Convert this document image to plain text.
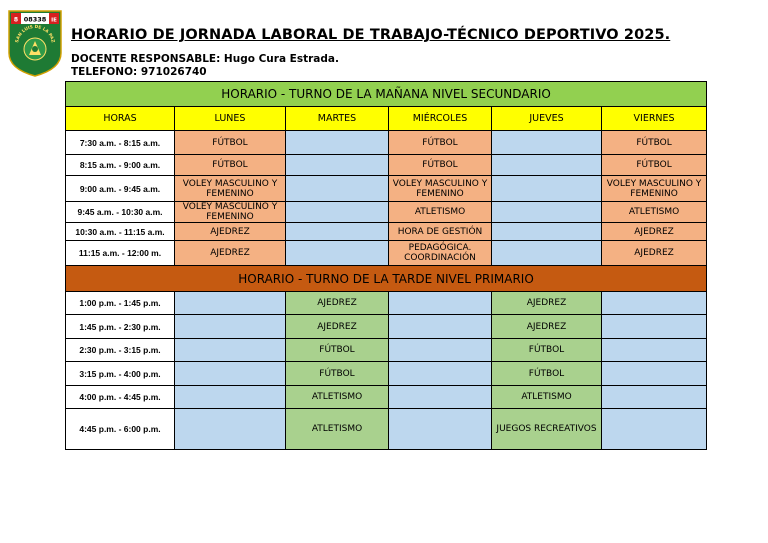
8 08338 IE
SAN LUIS DE LA PAZ HORARIO DE JORNADA LABORAL DE TRABAJO-TÉCNICO DEPORTIVO 2025.
DOCENTE RESPONSABLE: Hugo Cura Estrada.
TELEFONO: 971026740
HORARIO - TURNO DE LA MAÑANA NIVEL SECUNDARIO					
HORAS	LUNES	MARTES	MIÉRCOLES	JUEVES	VIERNES
7:30 a.m. - 8:15 a.m.	FÚTBOL		FÚTBOL		FÚTBOL
8:15 a.m. - 9:00 a.m.	FÚTBOL		FÚTBOL		FÚTBOL
9:00 a.m. - 9:45 a.m.	VOLEY MASCULINO Y FEMENINO		VOLEY MASCULINO Y FEMENINO		VOLEY MASCULINO Y FEMENINO
9:45 a.m. - 10:30 a.m.	VOLEY MASCULINO Y FEMENINO		ATLETISMO		ATLETISMO
10:30 a.m. - 11:15 a.m.	AJEDREZ		HORA DE GESTIÓN		AJEDREZ
11:15 a.m. - 12:00 m.	AJEDREZ		PEDAGÓGICA. COORDINACIÓN		AJEDREZ
HORARIO - TURNO DE LA TARDE NIVEL PRIMARIO					
1:00 p.m. - 1:45 p.m.		AJEDREZ		AJEDREZ	
1:45 p.m. - 2:30 p.m.		AJEDREZ		AJEDREZ	
2:30 p.m. - 3:15 p.m.		FÚTBOL		FÚTBOL	
3:15 p.m. - 4:00 p.m.		FÚTBOL		FÚTBOL	
4:00 p.m. - 4:45 p.m.		ATLETISMO		ATLETISMO	
4:45 p.m. - 6:00 p.m.		ATLETISMO		JUEGOS RECREATIVOS	
